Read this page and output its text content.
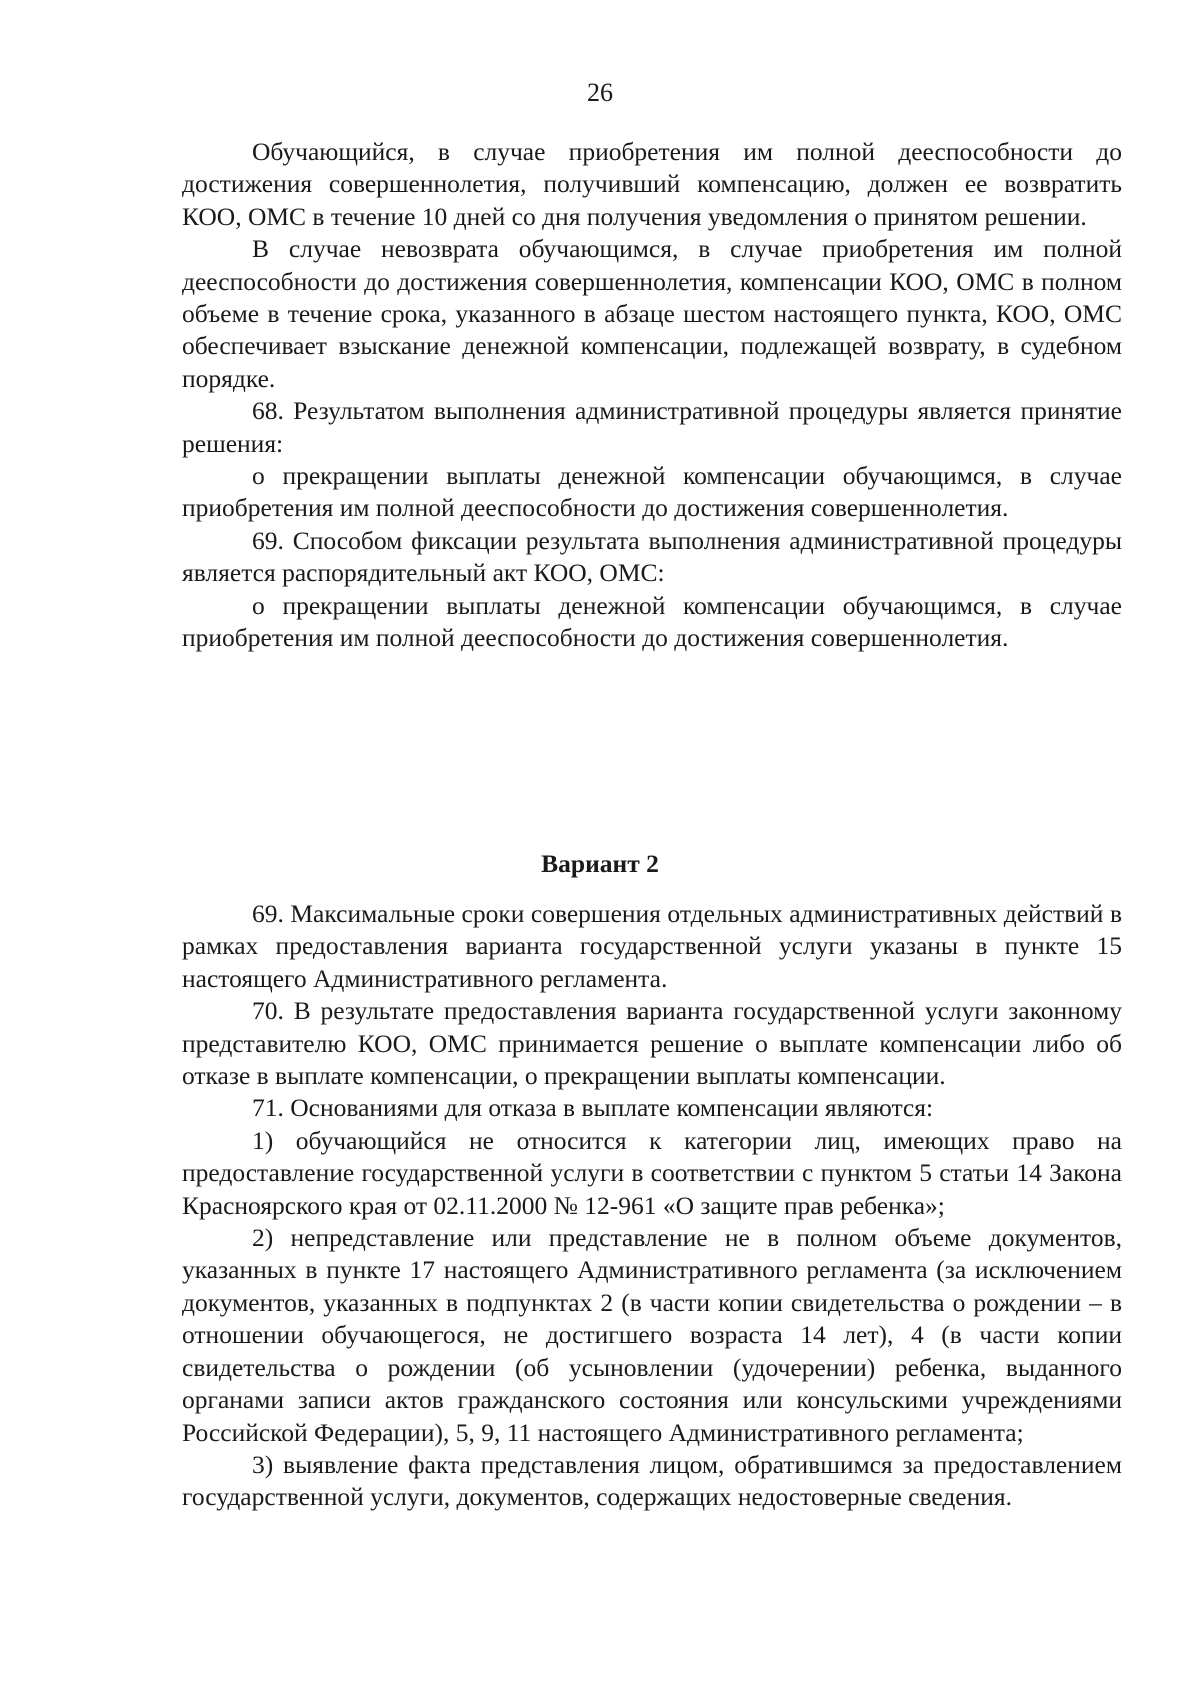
26

Обучающийся, в случае приобретения им полной дееспособности до достижения совершеннолетия, получивший компенсацию, должен ее возвратить КОО, ОМС в течение 10 дней со дня получения уведомления о принятом решении.

В случае невозврата обучающимся, в случае приобретения им полной дееспособности до достижения совершеннолетия, компенсации КОО, ОМС в полном объеме в течение срока, указанного в абзаце шестом настоящего пункта, КОО, ОМС обеспечивает взыскание денежной компенсации, подлежащей возврату, в судебном порядке.

68. Результатом выполнения административной процедуры является принятие решения:

о прекращении выплаты денежной компенсации обучающимся, в случае приобретения им полной дееспособности до достижения совершеннолетия.

69. Способом фиксации результата выполнения административной процедуры является распорядительный акт КОО, ОМС:

о прекращении выплаты денежной компенсации обучающимся, в случае приобретения им полной дееспособности до достижения совершеннолетия.

Вариант 2

69. Максимальные сроки совершения отдельных административных действий в рамках предоставления варианта государственной услуги указаны в пункте 15 настоящего Административного регламента.

70. В результате предоставления варианта государственной услуги законному представителю КОО, ОМС принимается решение о выплате компенсации либо об отказе в выплате компенсации, о прекращении выплаты компенсации.

71. Основаниями для отказа в выплате компенсации являются:

1) обучающийся не относится к категории лиц, имеющих право на предоставление государственной услуги в соответствии с пунктом 5 статьи 14 Закона Красноярского края от 02.11.2000 № 12-961 «О защите прав ребенка»;

2) непредставление или представление не в полном объеме документов, указанных в пункте 17 настоящего Административного регламента (за исключением документов, указанных в подпунктах 2 (в части копии свидетельства о рождении – в отношении обучающегося, не достигшего возраста 14 лет), 4 (в части копии свидетельства о рождении (об усыновлении (удочерении) ребенка, выданного органами записи актов гражданского состояния или консульскими учреждениями Российской Федерации), 5, 9, 11 настоящего Административного регламента;

3) выявление факта представления лицом, обратившимся за предоставлением государственной услуги, документов, содержащих недостоверные сведения.
